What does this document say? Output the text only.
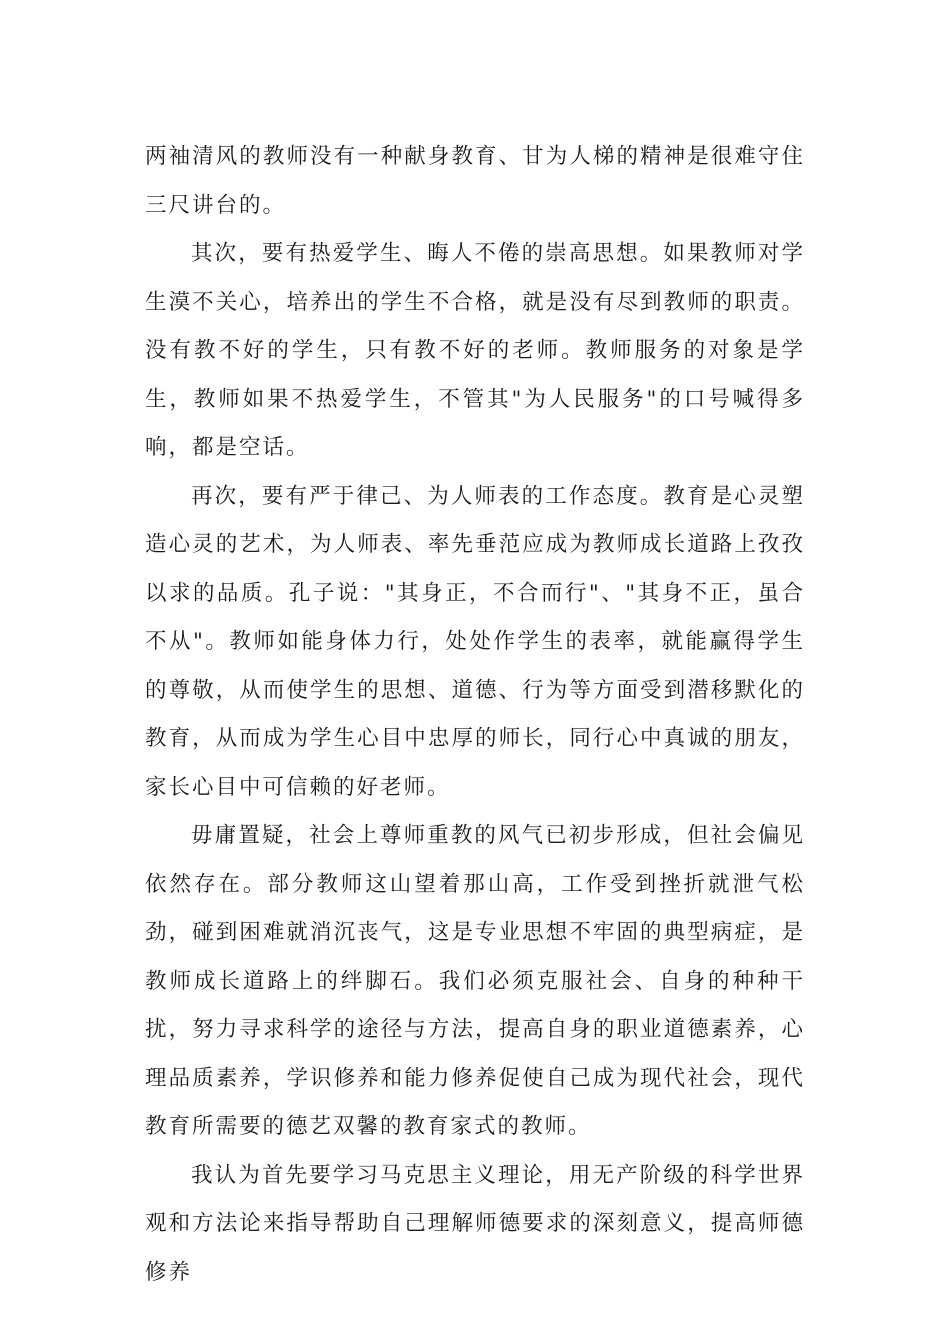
两袖清风的教师没有一种献身教育、甘为人梯的精神是很难守住三尺讲台的。

其次，要有热爱学生、晦人不倦的崇高思想。如果教师对学生漠不关心，培养出的学生不合格，就是没有尽到教师的职责。没有教不好的学生，只有教不好的老师。教师服务的对象是学生，教师如果不热爱学生，不管其"为人民服务"的口号喊得多响，都是空话。

再次，要有严于律己、为人师表的工作态度。教育是心灵塑造心灵的艺术，为人师表、率先垂范应成为教师成长道路上孜孜以求的品质。孔子说："其身正，不合而行"、"其身不正，虽合不从"。教师如能身体力行，处处作学生的表率，就能赢得学生的尊敬，从而使学生的思想、道德、行为等方面受到潜移默化的教育，从而成为学生心目中忠厚的师长，同行心中真诚的朋友，家长心目中可信赖的好老师。

毋庸置疑，社会上尊师重教的风气已初步形成，但社会偏见依然存在。部分教师这山望着那山高，工作受到挫折就泄气松劲，碰到困难就消沉丧气，这是专业思想不牢固的典型病症，是教师成长道路上的绊脚石。我们必须克服社会、自身的种种干扰，努力寻求科学的途径与方法，提高自身的职业道德素养，心理品质素养，学识修养和能力修养促使自己成为现代社会，现代教育所需要的德艺双馨的教育家式的教师。

我认为首先要学习马克思主义理论，用无产阶级的科学世界观和方法论来指导帮助自己理解师德要求的深刻意义，提高师德修养
